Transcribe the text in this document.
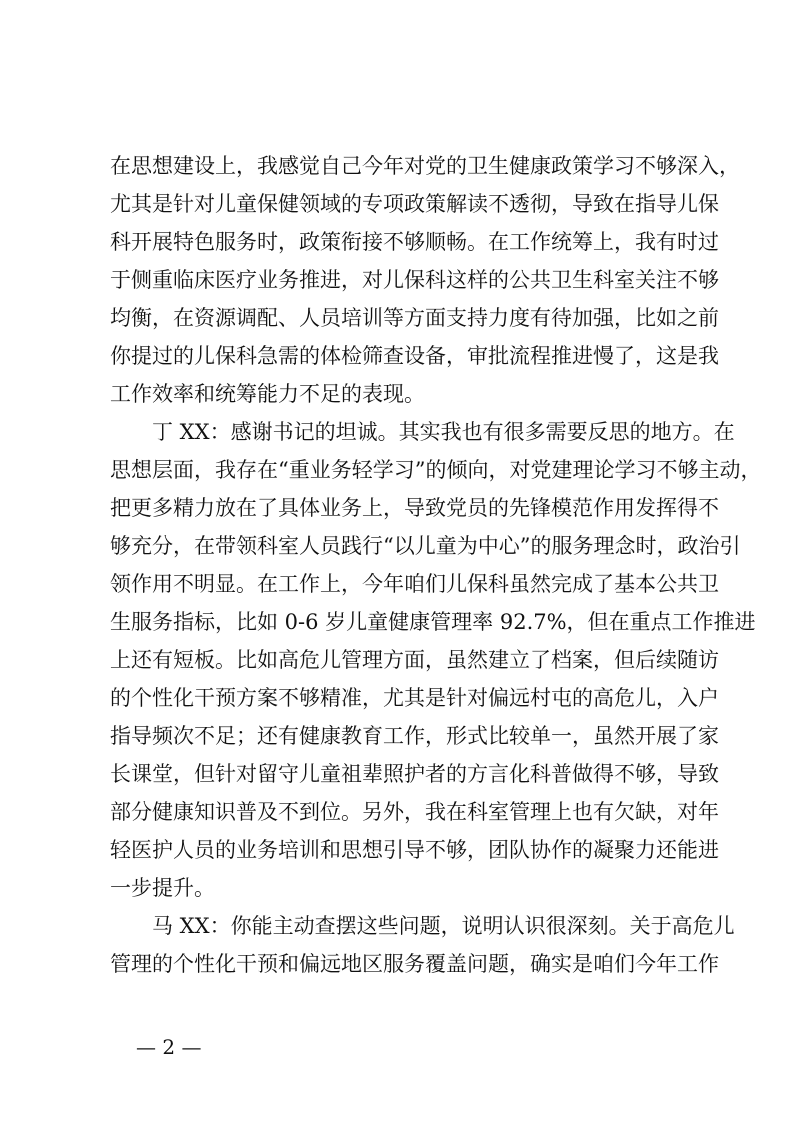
在思想建设上，我感觉自己今年对党的卫生健康政策学习不够深入，
尤其是针对儿童保健领域的专项政策解读不透彻，导致在指导儿保
科开展特色服务时，政策衔接不够顺畅。在工作统筹上，我有时过
于侧重临床医疗业务推进，对儿保科这样的公共卫生科室关注不够
均衡，在资源调配、人员培训等方面支持力度有待加强，比如之前
你提过的儿保科急需的体检筛查设备，审批流程推进慢了，这是我
工作效率和统筹能力不足的表现。
丁 XX：感谢书记的坦诚。其实我也有很多需要反思的地方。在
思想层面，我存在“重业务轻学习”的倾向，对党建理论学习不够主动，
把更多精力放在了具体业务上，导致党员的先锋模范作用发挥得不
够充分，在带领科室人员践行“以儿童为中心”的服务理念时，政治引
领作用不明显。在工作上，今年咱们儿保科虽然完成了基本公共卫
生服务指标，比如 0-6 岁儿童健康管理率 92.7%，但在重点工作推进
上还有短板。比如高危儿管理方面，虽然建立了档案，但后续随访
的个性化干预方案不够精准，尤其是针对偏远村屯的高危儿，入户
指导频次不足；还有健康教育工作，形式比较单一，虽然开展了家
长课堂，但针对留守儿童祖辈照护者的方言化科普做得不够，导致
部分健康知识普及不到位。另外，我在科室管理上也有欠缺，对年
轻医护人员的业务培训和思想引导不够，团队协作的凝聚力还能进
一步提升。
马 XX：你能主动查摆这些问题，说明认识很深刻。关于高危儿
管理的个性化干预和偏远地区服务覆盖问题，确实是咱们今年工作
— 2 —
